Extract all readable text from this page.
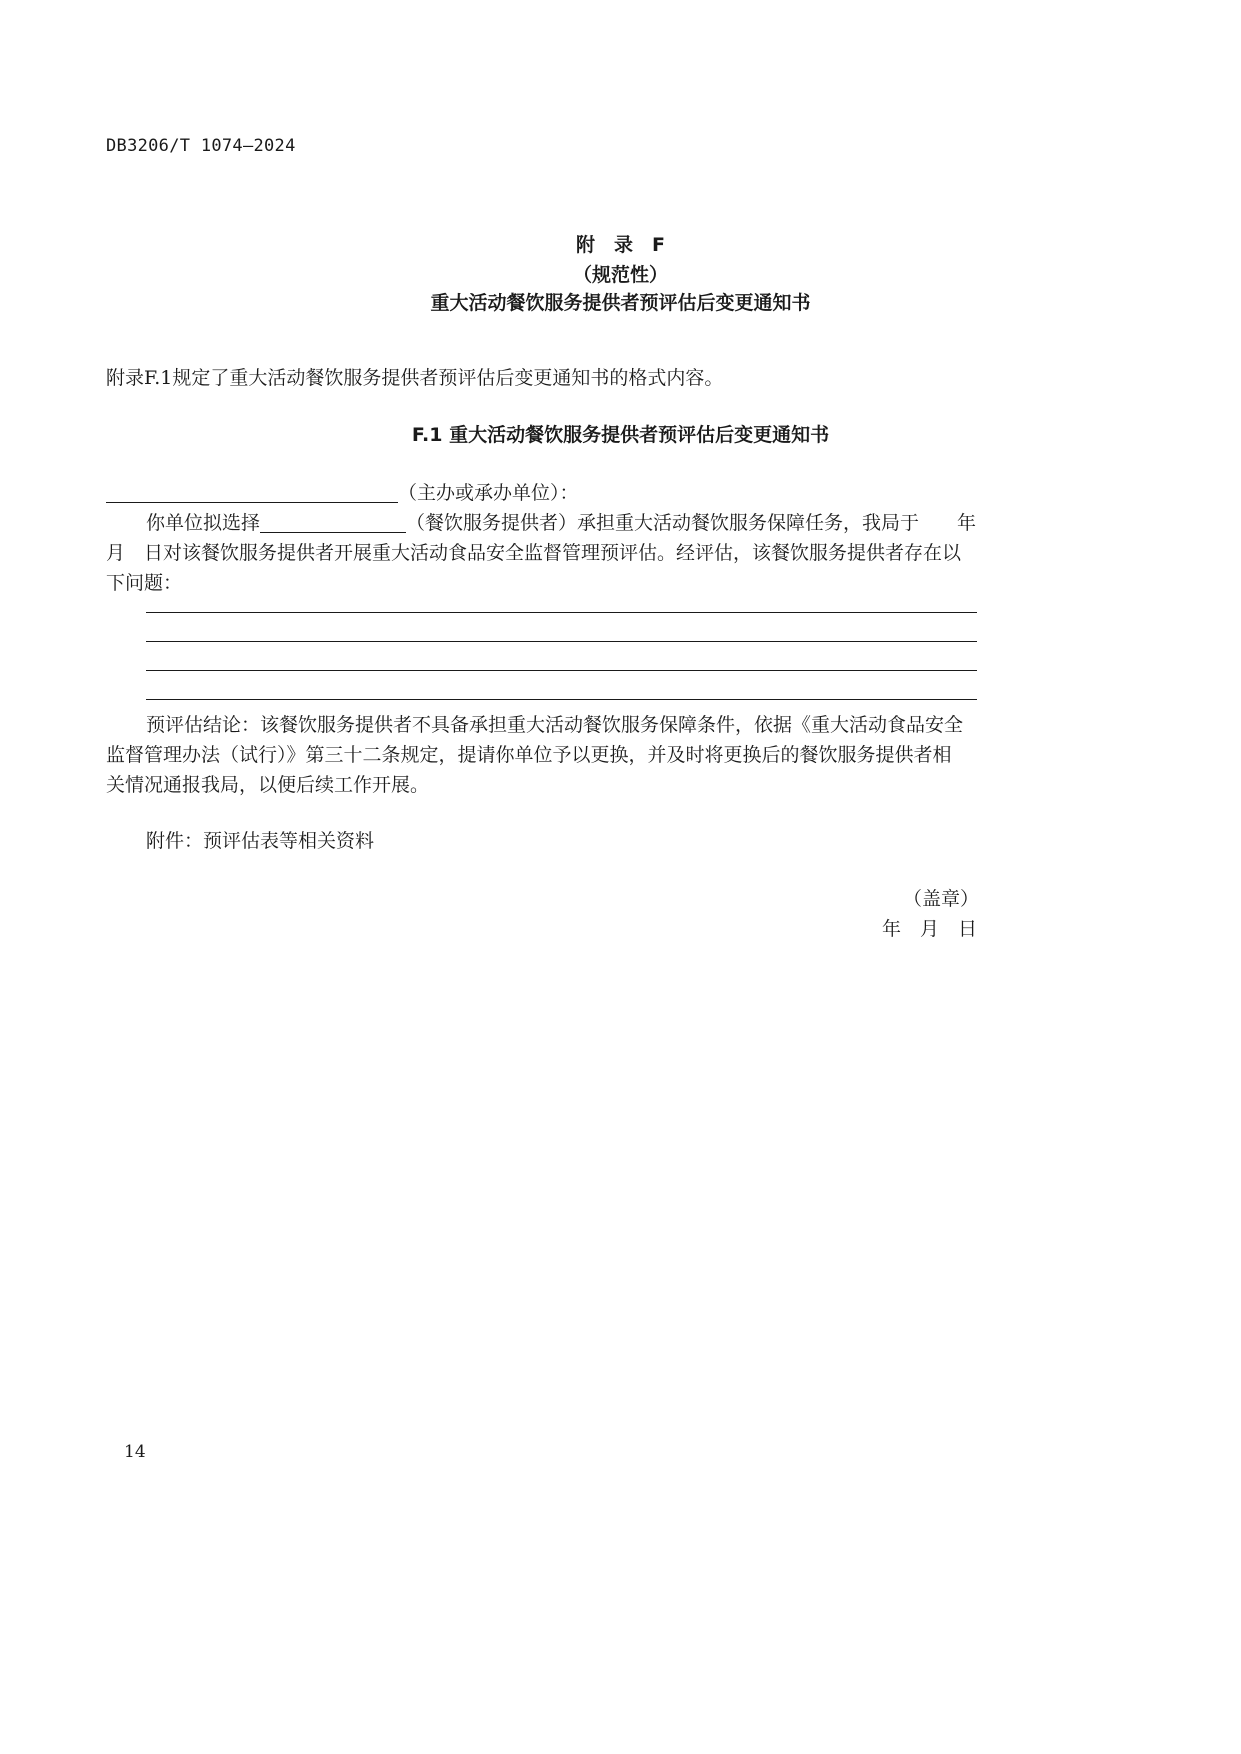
DB3206/T 1074—2024
附　录　F
（规范性）
重大活动餐饮服务提供者预评估后变更通知书
附录F.1规定了重大活动餐饮服务提供者预评估后变更通知书的格式内容。
F.1 重大活动餐饮服务提供者预评估后变更通知书
（主办或承办单位）：
你单位拟选择	（餐饮服务提供者）承担重大活动餐饮服务保障任务，我局于 年
月　日对该餐饮服务提供者开展重大活动食品安全监督管理预评估。经评估，该餐饮服务提供者存在以
下问题：
预评估结论：该餐饮服务提供者不具备承担重大活动餐饮服务保障条件，依据《重大活动食品安全
监督管理办法（试行）》第三十二条规定，提请你单位予以更换，并及时将更换后的餐饮服务提供者相
关情况通报我局，以便后续工作开展。
附件：预评估表等相关资料
（盖章）
年　月　日
14
